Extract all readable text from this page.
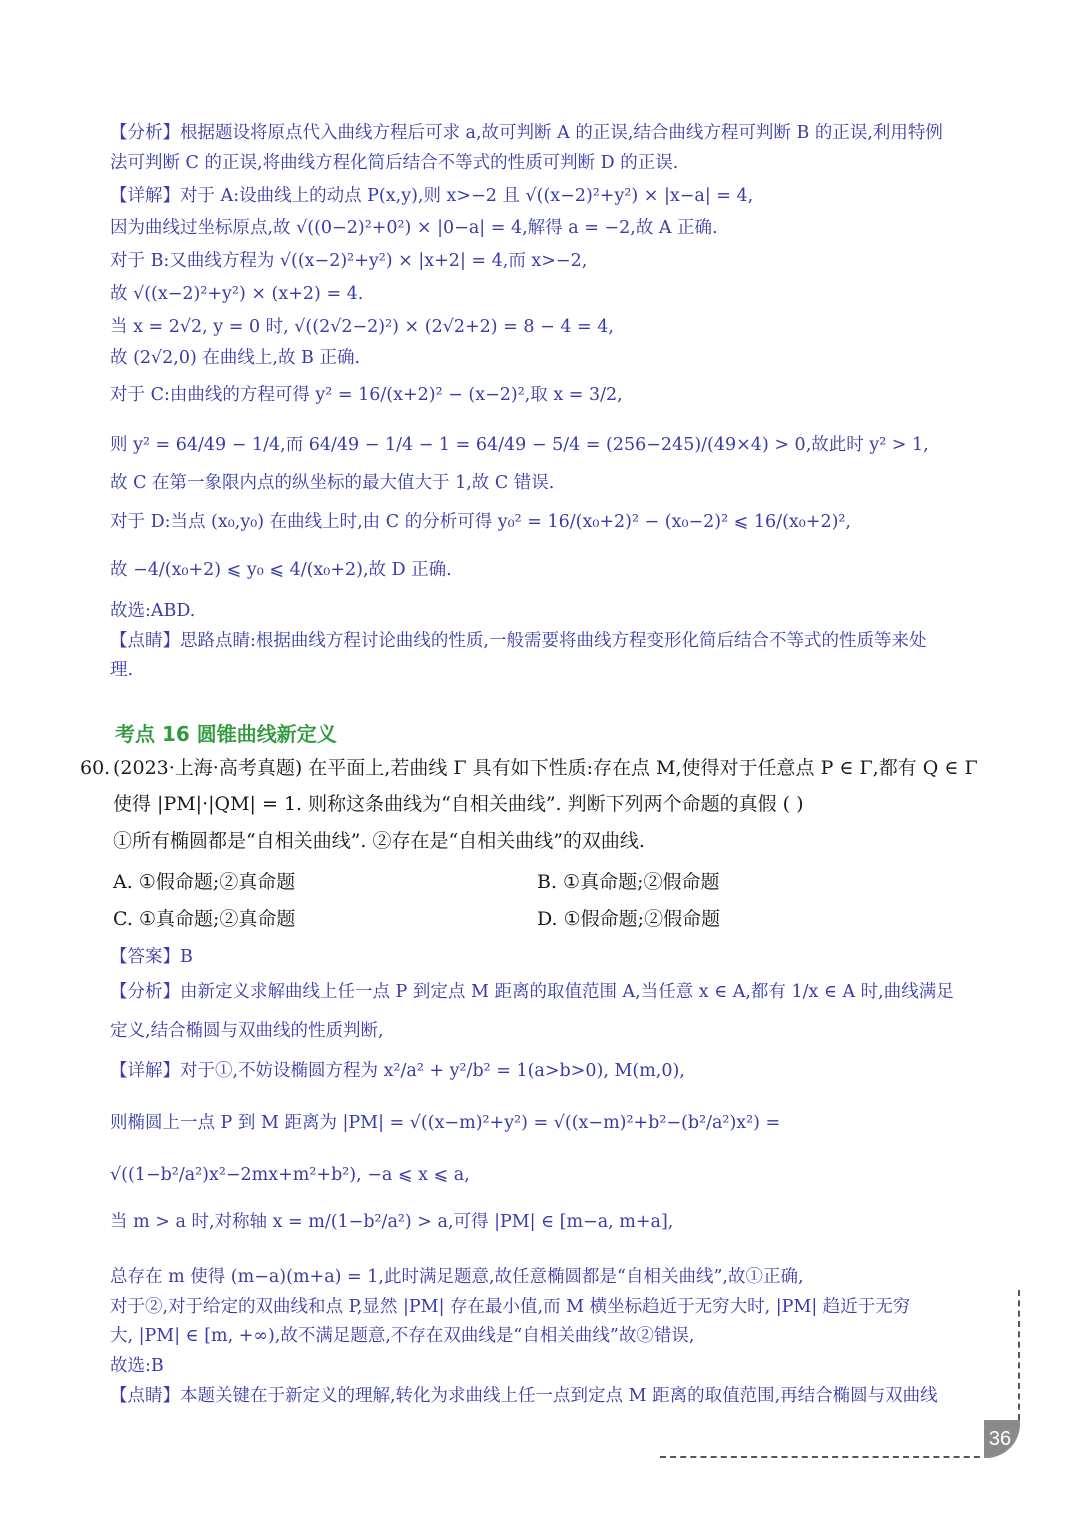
【分析】根据题设将原点代入曲线方程后可求 a,故可判断 A 的正误,结合曲线方程可判断 B 的正误,利用特例
法可判断 C 的正误,将曲线方程化简后结合不等式的性质可判断 D 的正误.
【详解】对于 A:设曲线上的动点 P(x,y),则 x>−2 且 √((x−2)²+y²) × |x−a| = 4,
因为曲线过坐标原点,故 √((0−2)²+0²) × |0−a| = 4,解得 a = −2,故 A 正确.
对于 B:又曲线方程为 √((x−2)²+y²) × |x+2| = 4,而 x>−2,
故 √((x−2)²+y²) × (x+2) = 4.
当 x = 2√2, y = 0 时, √((2√2−2)²) × (2√2+2) = 8 − 4 = 4,
故 (2√2,0) 在曲线上,故 B 正确.
对于 C:由曲线的方程可得 y² = 16/(x+2)² − (x−2)²,取 x = 3/2,
则 y² = 64/49 − 1/4,而 64/49 − 1/4 − 1 = 64/49 − 5/4 = (256−245)/(49×4) > 0,故此时 y² > 1,
故 C 在第一象限内点的纵坐标的最大值大于 1,故 C 错误.
对于 D:当点 (x₀,y₀) 在曲线上时,由 C 的分析可得 y₀² = 16/(x₀+2)² − (x₀−2)² ⩽ 16/(x₀+2)²,
故 −4/(x₀+2) ⩽ y₀ ⩽ 4/(x₀+2),故 D 正确.
故选:ABD.
【点睛】思路点睛:根据曲线方程讨论曲线的性质,一般需要将曲线方程变形化简后结合不等式的性质等来处
理.
考点 16 圆锥曲线新定义
60. (2023·上海·高考真题) 在平面上,若曲线 Γ 具有如下性质:存在点 M,使得对于任意点 P ∈ Γ,都有 Q ∈ Γ
使得 |PM|·|QM| = 1. 则称这条曲线为“自相关曲线”. 判断下列两个命题的真假 ( )
①所有椭圆都是“自相关曲线”. ②存在是“自相关曲线”的双曲线.
A. ①假命题;②真命题	B. ①真命题;②假命题
C. ①真命题;②真命题	D. ①假命题;②假命题
【答案】B
【分析】由新定义求解曲线上任一点 P 到定点 M 距离的取值范围 A,当任意 x ∈ A,都有 1/x ∈ A 时,曲线满足
定义,结合椭圆与双曲线的性质判断,
【详解】对于①,不妨设椭圆方程为 x²/a² + y²/b² = 1(a>b>0), M(m,0),
则椭圆上一点 P 到 M 距离为 |PM| = √((x−m)²+y²) = √((x−m)²+b²−(b²/a²)x²) =
√((1−b²/a²)x²−2mx+m²+b²), −a ⩽ x ⩽ a,
当 m > a 时,对称轴 x = m/(1−b²/a²) > a,可得 |PM| ∈ [m−a, m+a],
总存在 m 使得 (m−a)(m+a) = 1,此时满足题意,故任意椭圆都是“自相关曲线”,故①正确,
对于②,对于给定的双曲线和点 P,显然 |PM| 存在最小值,而 M 横坐标趋近于无穷大时, |PM| 趋近于无穷
大, |PM| ∈ [m, +∞),故不满足题意,不存在双曲线是“自相关曲线”故②错误,
故选:B
【点睛】本题关键在于新定义的理解,转化为求曲线上任一点到定点 M 距离的取值范围,再结合椭圆与双曲线
36
